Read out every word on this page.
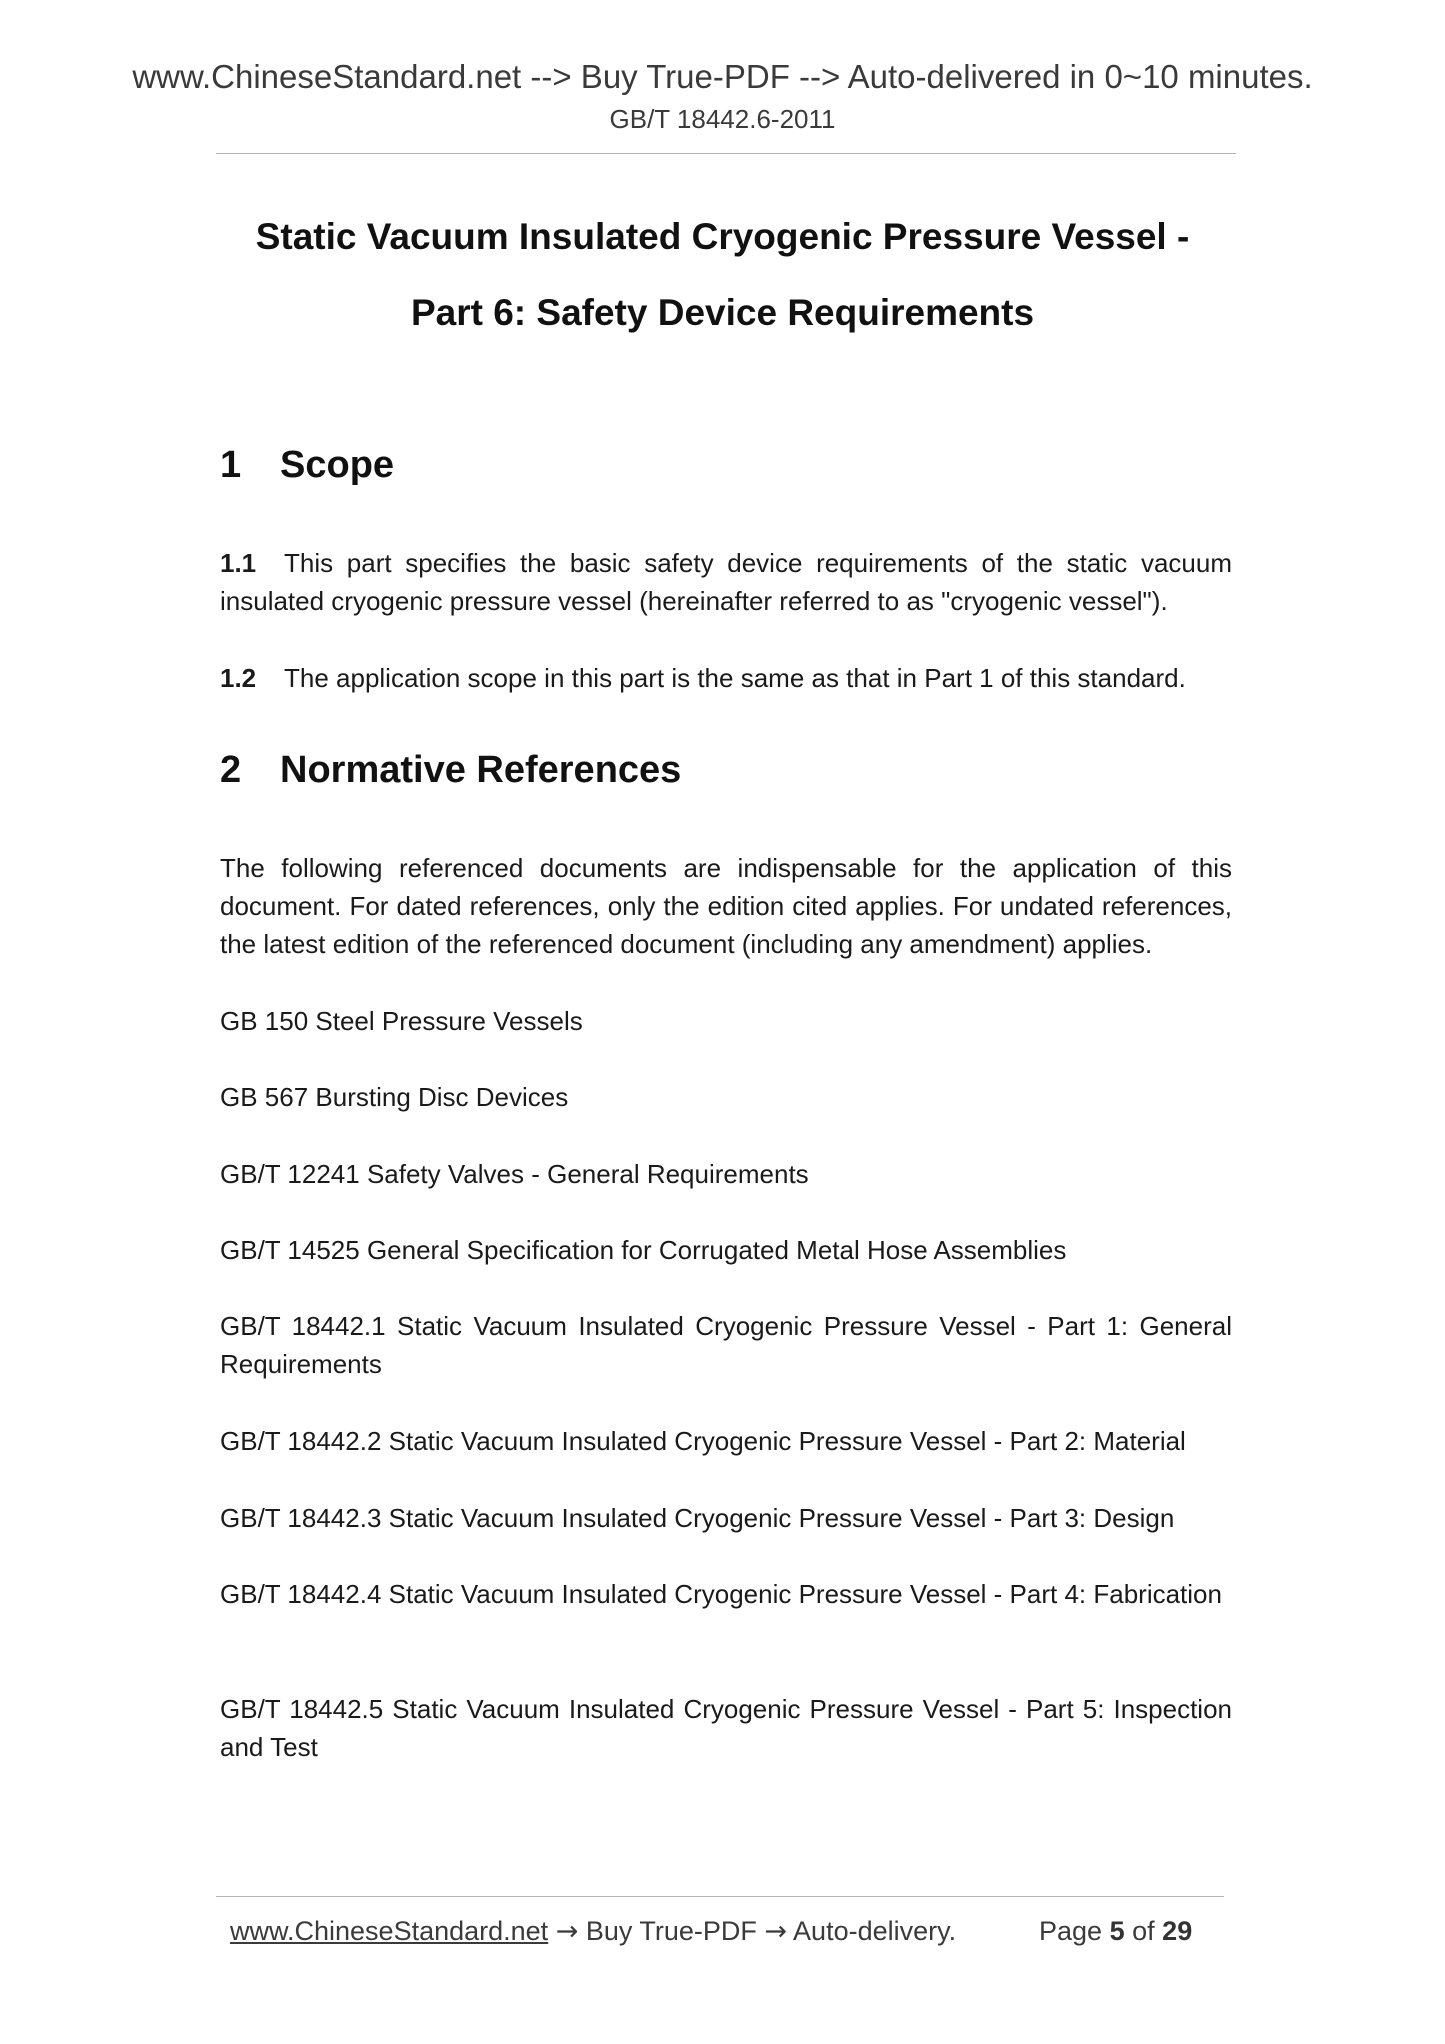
www.ChineseStandard.net --> Buy True-PDF --> Auto-delivered in 0~10 minutes.
GB/T 18442.6-2011
Static Vacuum Insulated Cryogenic Pressure Vessel -
Part 6: Safety Device Requirements
1 Scope
1.1 This part specifies the basic safety device requirements of the static vacuum insulated cryogenic pressure vessel (hereinafter referred to as "cryogenic vessel").
1.2 The application scope in this part is the same as that in Part 1 of this standard.
2 Normative References
The following referenced documents are indispensable for the application of this document. For dated references, only the edition cited applies. For undated references, the latest edition of the referenced document (including any amendment) applies.
GB 150 Steel Pressure Vessels
GB 567 Bursting Disc Devices
GB/T 12241 Safety Valves - General Requirements
GB/T 14525 General Specification for Corrugated Metal Hose Assemblies
GB/T 18442.1 Static Vacuum Insulated Cryogenic Pressure Vessel - Part 1: General Requirements
GB/T 18442.2 Static Vacuum Insulated Cryogenic Pressure Vessel - Part 2: Material
GB/T 18442.3 Static Vacuum Insulated Cryogenic Pressure Vessel - Part 3: Design
GB/T 18442.4 Static Vacuum Insulated Cryogenic Pressure Vessel - Part 4: Fabrication
GB/T 18442.5 Static Vacuum Insulated Cryogenic Pressure Vessel - Part 5: Inspection and Test
www.ChineseStandard.net → Buy True-PDF → Auto-delivery.	Page 5 of 29
